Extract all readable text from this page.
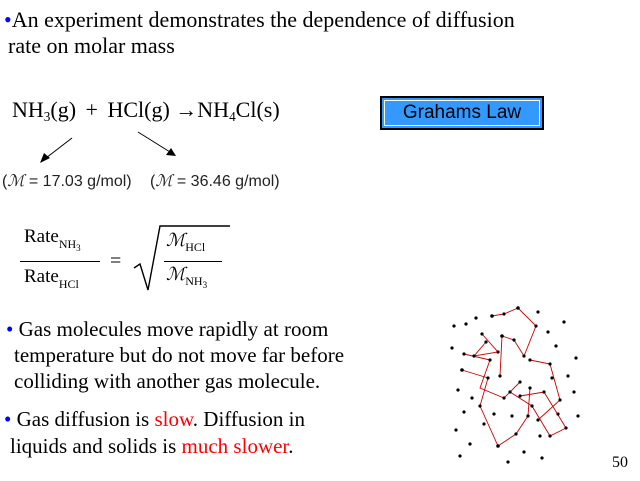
•An experiment demonstrates the dependence of diffusion
rate on molar mass
$NH_3(g) + HCl(g) \to NH_4Cl(s)$	Grahams Law
(ℳ = 17.03 g/mol) (ℳ = 36.46 g/mol)
Rate$_{NH3}$
Rate$_{HCl}$
=
ℳ$_{HCl}$
ℳ$_{NH3}$
• Gas molecules move rapidly at room
temperature but do not move far before
colliding with another gas molecule.
• Gas diffusion is slow. Diffusion in
liquids and solids is much slower.
50
